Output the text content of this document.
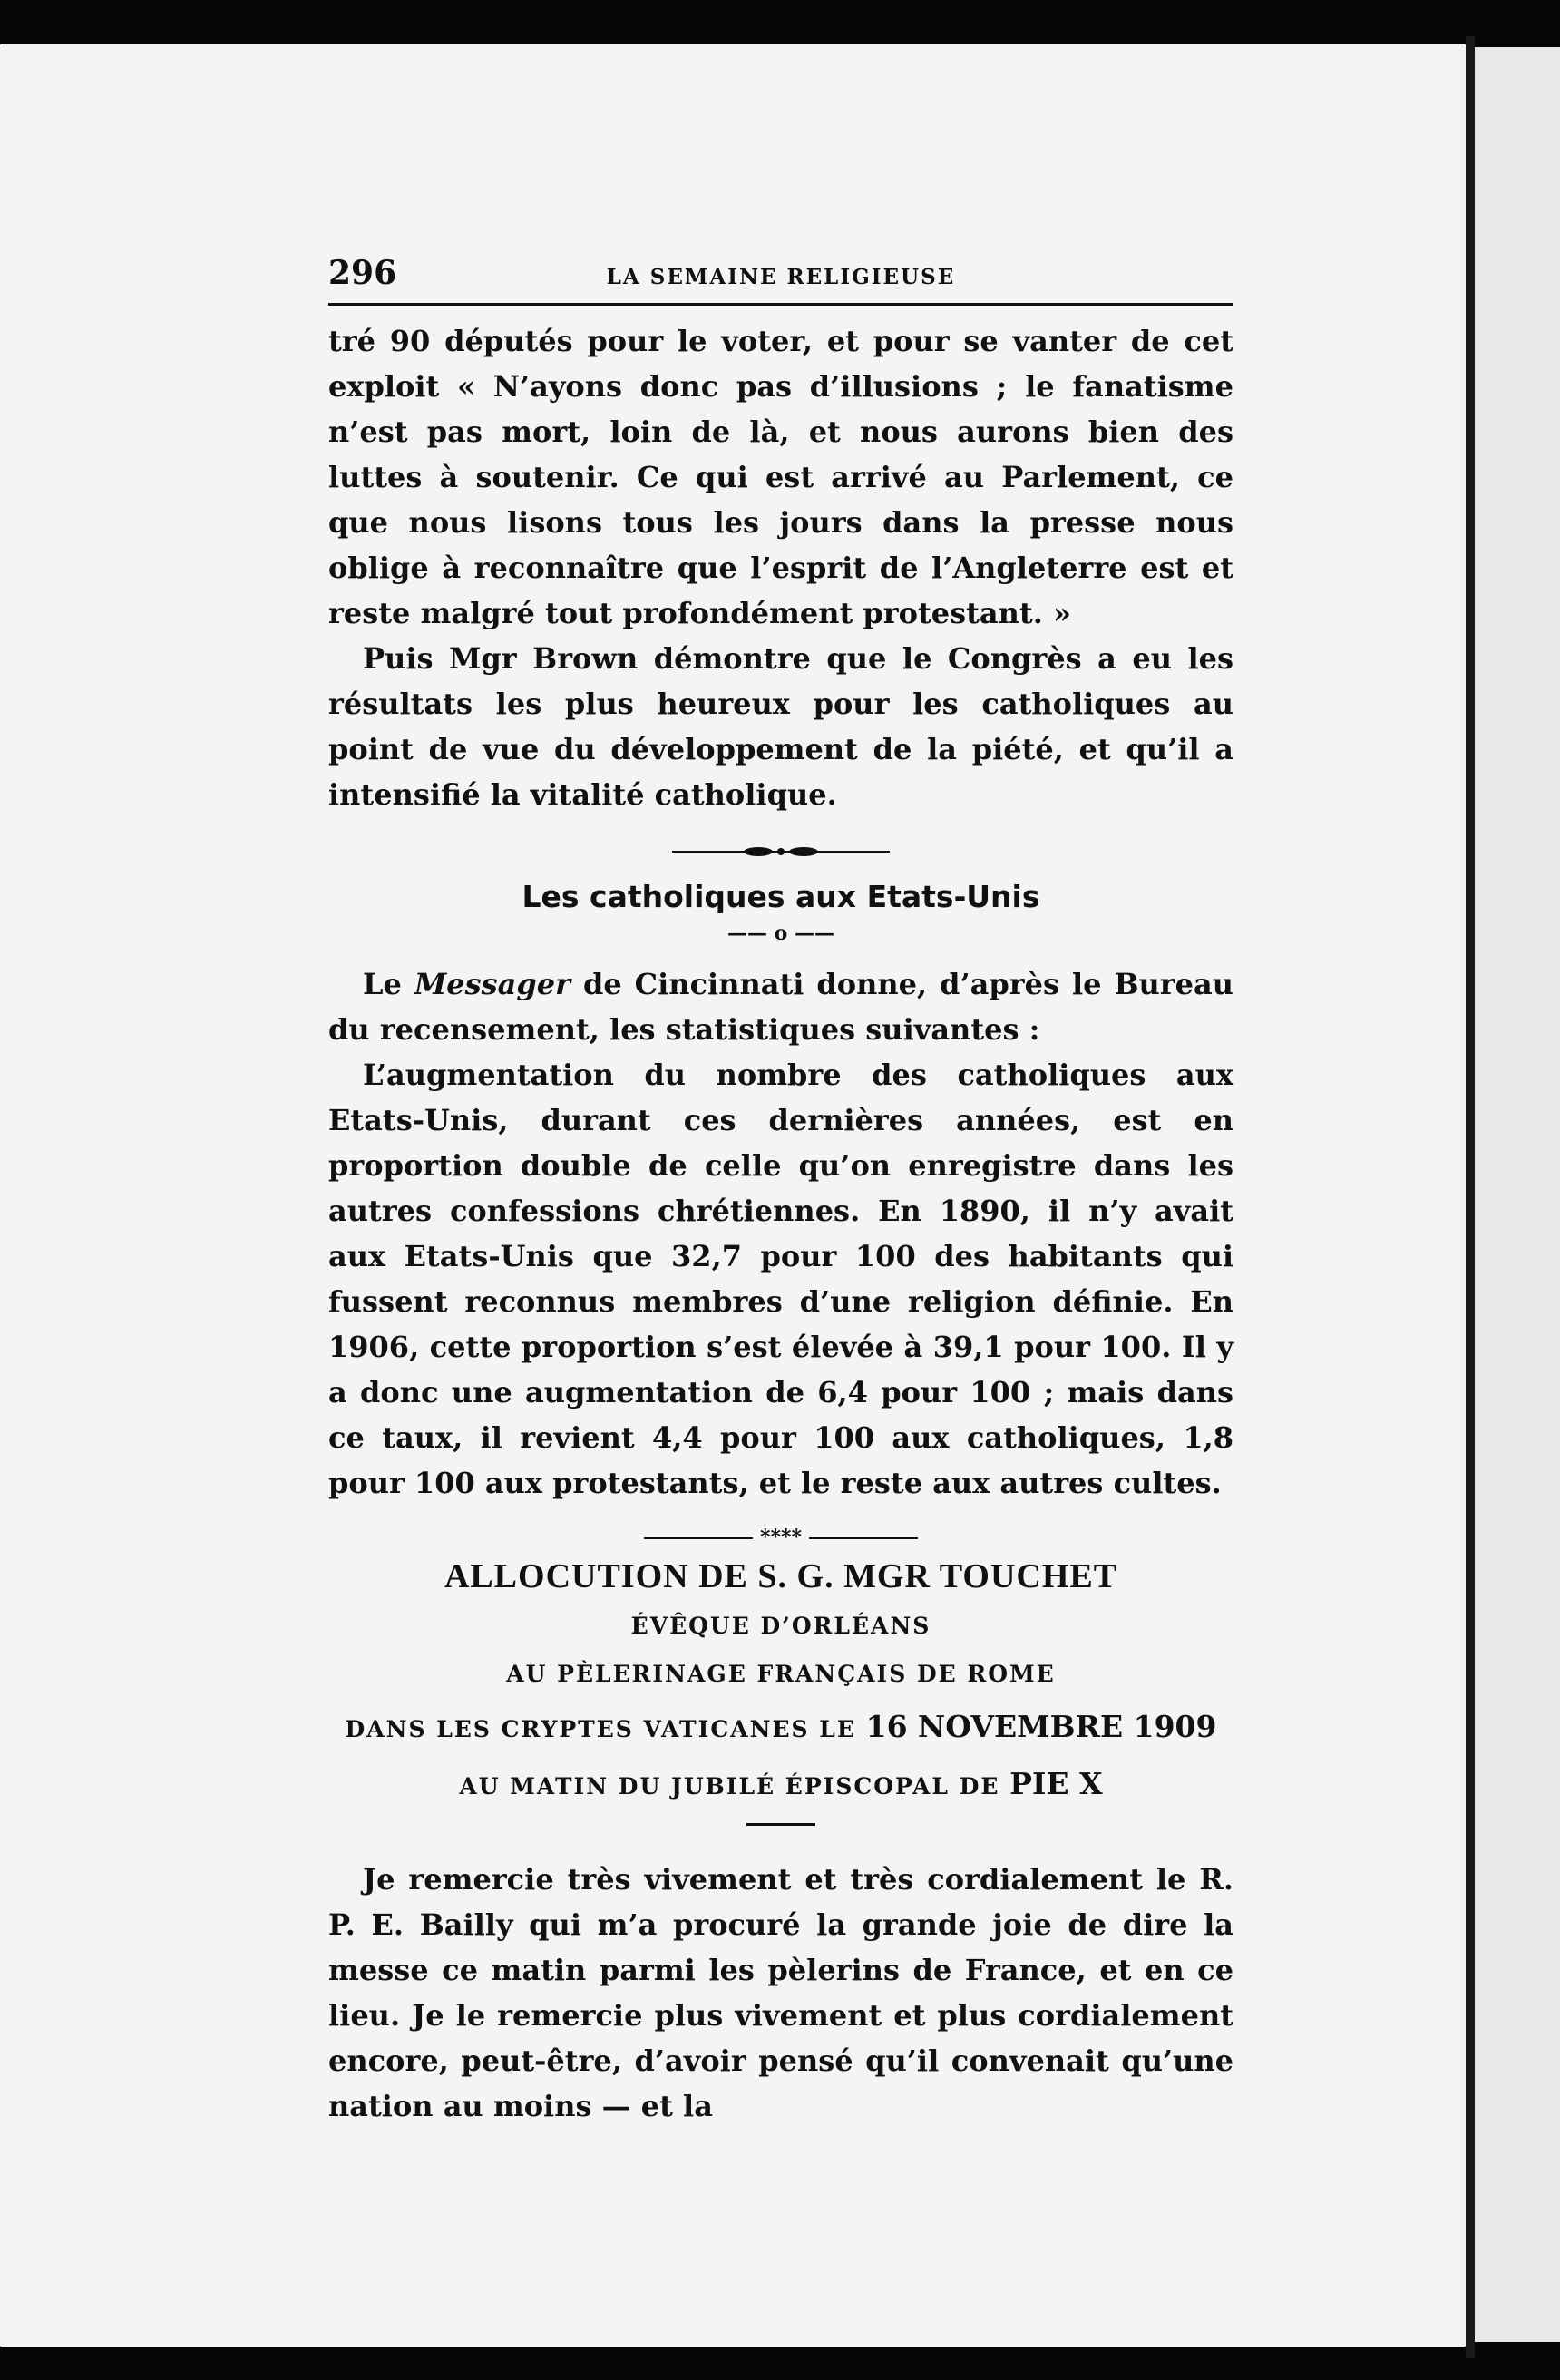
296	LA SEMAINE RELIGIEUSE

tré 90 députés pour le voter, et pour se vanter de cet exploit « N’ayons donc pas d’illusions ; le fanatisme n’est pas mort, loin de là, et nous aurons bien des luttes à soutenir. Ce qui est arrivé au Parlement, ce que nous lisons tous les jours dans la presse nous oblige à reconnaître que l’esprit de l’Angleterre est et reste malgré tout profondément protestant. »

Puis Mgr Brown démontre que le Congrès a eu les résultats les plus heureux pour les catholiques au point de vue du développement de la piété, et qu’il a intensifié la vitalité catholique.

Les catholiques aux Etats-Unis
—— o ——

Le Messager de Cincinnati donne, d’après le Bureau du recensement, les statistiques suivantes :

L’augmentation du nombre des catholiques aux Etats-Unis, durant ces dernières années, est en proportion double de celle qu’on enregistre dans les autres confessions chrétiennes. En 1890, il n’y avait aux Etats-Unis que 32,7 pour 100 des habitants qui fussent reconnus membres d’une religion définie. En 1906, cette proportion s’est élevée à 39,1 pour 100. Il y a donc une augmentation de 6,4 pour 100 ; mais dans ce taux, il revient 4,4 pour 100 aux catholiques, 1,8 pour 100 aux protestants, et le reste aux autres cultes.

****
ALLOCUTION DE S. G. MGR TOUCHET
ÉVÊQUE D’ORLÉANS
AU PÈLERINAGE FRANÇAIS DE ROME
DANS LES CRYPTES VATICANES LE 16 NOVEMBRE 1909
AU MATIN DU JUBILÉ ÉPISCOPAL DE PIE X

Je remercie très vivement et très cordialement le R. P. E. Bailly qui m’a procuré la grande joie de dire la messe ce matin parmi les pèlerins de France, et en ce lieu. Je le remercie plus vivement et plus cordialement encore, peut-être, d’avoir pensé qu’il convenait qu’une nation au moins — et la
